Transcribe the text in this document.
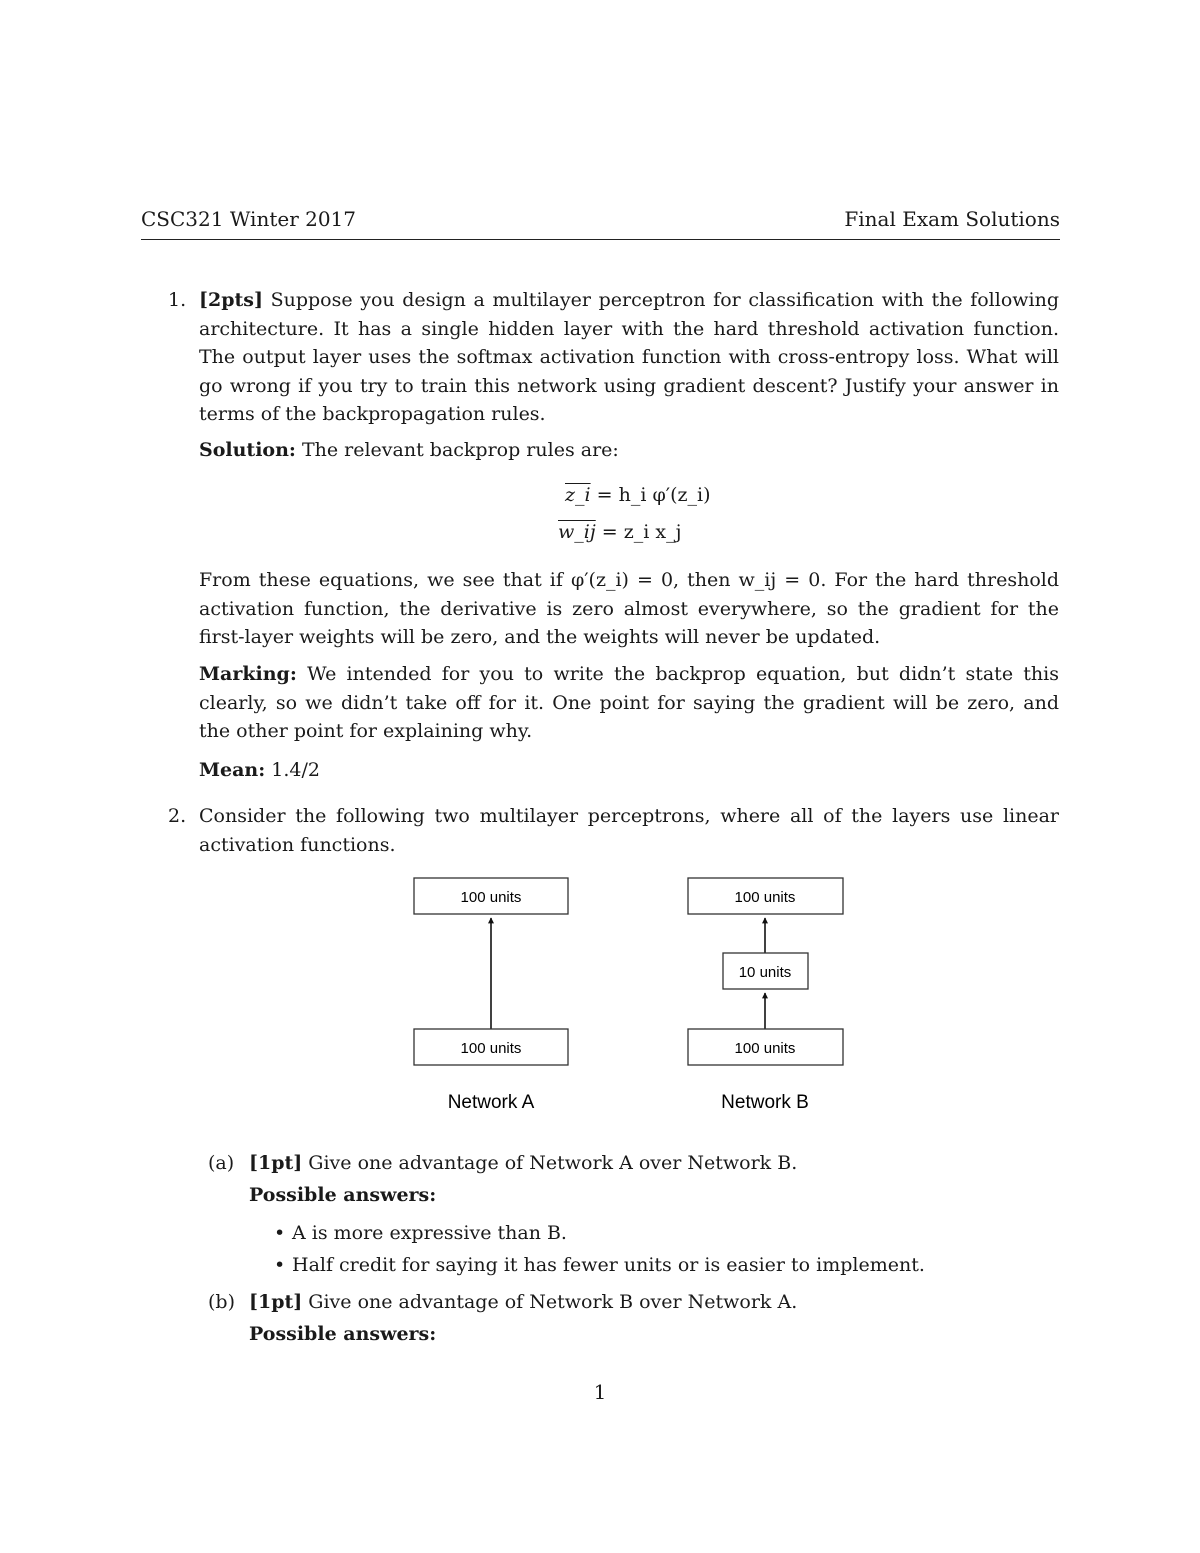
CSC321 Winter 2017	Final Exam Solutions
1. [2pts] Suppose you design a multilayer perceptron for classification with the following architecture. It has a single hidden layer with the hard threshold activation function. The output layer uses the softmax activation function with cross-entropy loss. What will go wrong if you try to train this network using gradient descent? Justify your answer in terms of the backpropagation rules.
Solution: The relevant backprop rules are:
z_i = h_i φ′(z_i)
w_ij = z_i x_j
From these equations, we see that if φ′(z_i) = 0, then w_ij = 0. For the hard threshold activation function, the derivative is zero almost everywhere, so the gradient for the first-layer weights will be zero, and the weights will never be updated.
Marking: We intended for you to write the backprop equation, but didn’t state this clearly, so we didn’t take off for it. One point for saying the gradient will be zero, and the other point for explaining why.
Mean: 1.4/2
2. Consider the following two multilayer perceptrons, where all of the layers use linear activation functions.
100 units
100 units
Network A
100 units
10 units
100 units
Network B
(a) [1pt] Give one advantage of Network A over Network B.
Possible answers:
• A is more expressive than B.
• Half credit for saying it has fewer units or is easier to implement.
(b) [1pt] Give one advantage of Network B over Network A.
Possible answers:
1
